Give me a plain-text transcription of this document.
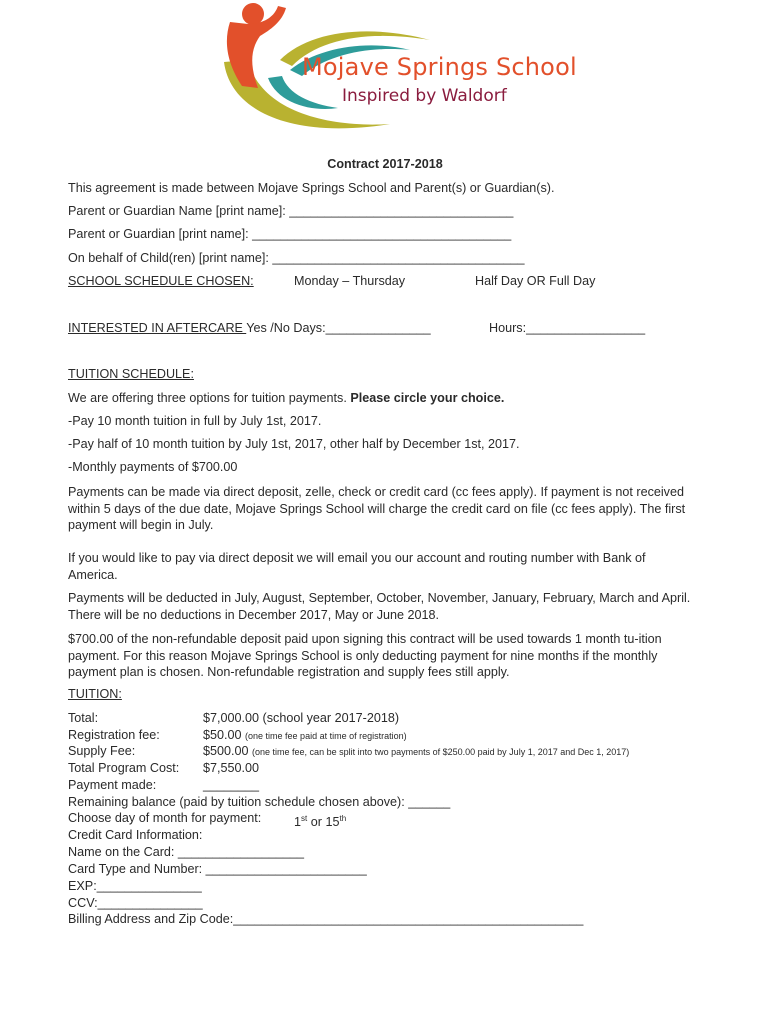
Mojave Springs School
Inspired by Waldorf
Contract 2017-2018
This agreement is made between Mojave Springs School and Parent(s) or Guardian(s).
Parent or Guardian Name [print name]: ________________________________
Parent or Guardian [print name]: _____________________________________
On behalf of Child(ren) [print name]: ____________________________________
SCHOOL SCHEDULE CHOSEN:	Monday – Thursday	Half Day OR Full Day
INTERESTED IN AFTERCARE Yes /No Days:_______________	Hours:_________________
TUITION SCHEDULE:
We are offering three options for tuition payments. Please circle your choice.
-Pay 10 month tuition in full by July 1st, 2017.
-Pay half of 10 month tuition by July 1st, 2017, other half by December 1st, 2017.
-Monthly payments of $700.00
Payments can be made via direct deposit, zelle, check or credit card (cc fees apply). If payment is not received within 5 days of the due date, Mojave Springs School will charge the credit card on file (cc fees apply). The first payment will begin in July.
If you would like to pay via direct deposit we will email you our account and routing number with Bank of America.
Payments will be deducted in July, August, September, October, November, January, February, March and April. There will be no deductions in December 2017, May or June 2018.
$700.00 of the non-refundable deposit paid upon signing this contract will be used towards 1 month tu-ition payment. For this reason Mojave Springs School is only deducting payment for nine months if the monthly payment plan is chosen. Non-refundable registration and supply fees still apply.
TUITION:
Total:	$7,000.00 (school year 2017-2018)
Registration fee:	$50.00 (one time fee paid at time of registration)
Supply Fee:	$500.00 (one time fee, can be split into two payments of $250.00 paid by July 1, 2017 and Dec 1, 2017)
Total Program Cost: $7,550.00
Payment made:	________
Remaining balance (paid by tuition schedule chosen above): ______
Choose day of month for payment:	1st or 15th
Credit Card Information:
Name on the Card: __________________
Card Type and Number: _______________________
EXP:_______________
CCV:_______________
Billing Address and Zip Code:__________________________________________________
